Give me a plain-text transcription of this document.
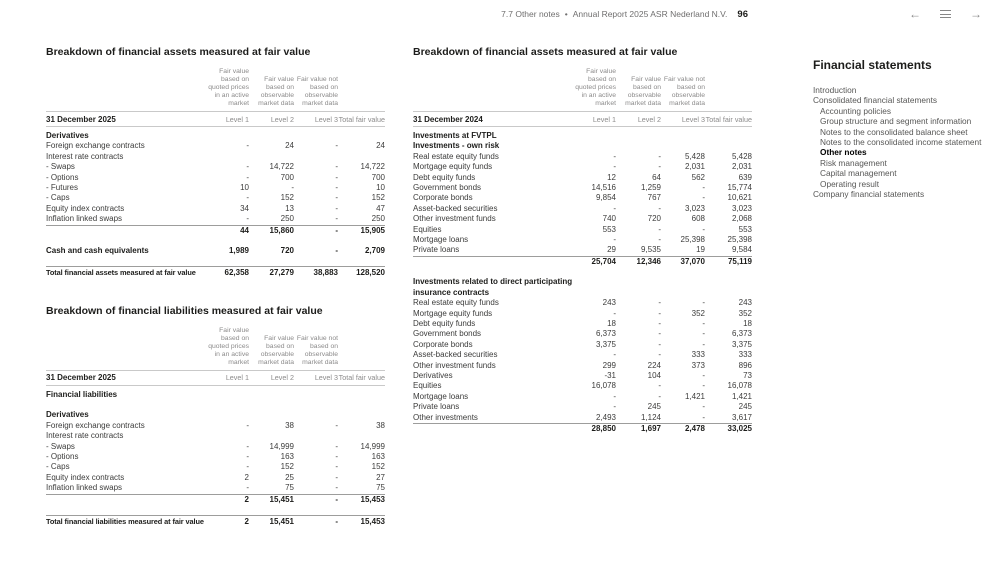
7.7 Other notes • Annual Report 2025 ASR Nederland N.V. 96	←	→
Breakdown of financial assets measured at fair value
Fair value based on quoted prices in an active market
Fair value based on observable market data
Fair value not based on observable market data
31 December 2025	Level 1	Level 2	Level 3 Total fair value
Derivatives
Foreign exchange contracts	-	24	-	24
Interest rate contracts
- Swaps	-	14,722	-	14,722
- Options	-	700	-	700
- Futures	10	-	-	10
- Caps	-	152	-	152
Equity index contracts	34	13	-	47
Inflation linked swaps	-	250	-	250
44	15,860	-	15,905
Cash and cash equivalents	1,989	720	-	2,709
Total financial assets measured at fair value	62,358	27,279	38,883	128,520
Breakdown of financial liabilities measured at fair value
Fair value based on quoted prices in an active market
Fair value based on observable market data
Fair value not based on observable market data
31 December 2025	Level 1	Level 2	Level 3 Total fair value
Financial liabilities
Derivatives
Foreign exchange contracts	-	38	-	38
Interest rate contracts
- Swaps	-	14,999	-	14,999
- Options	-	163	-	163
- Caps	-	152	-	152
Equity index contracts	2	25	-	27
Inflation linked swaps	-	75	-	75
2	15,451	-	15,453
Total financial liabilities measured at fair value	2	15,451	-	15,453
Breakdown of financial assets measured at fair value
Fair value based on quoted prices in an active market
Fair value based on observable market data
Fair value not based on observable market data
31 December 2024	Level 1	Level 2	Level 3 Total fair value
Investments at FVTPL
Investments - own risk
Real estate equity funds	-	-	5,428	5,428
Mortgage equity funds	-	-	2,031	2,031
Debt equity funds	12	64	562	639
Government bonds	14,516	1,259	-	15,774
Corporate bonds	9,854	767	-	10,621
Asset-backed securities	-	-	3,023	3,023
Other investment funds	740	720	608	2,068
Equities	553	-	-	553
Mortgage loans	-	-	25,398	25,398
Private loans	29	9,535	19	9,584
25,704	12,346	37,070	75,119
Investments related to direct participating insurance contracts
Real estate equity funds	243	-	-	243
Mortgage equity funds	-	-	352	352
Debt equity funds	18	-	-	18
Government bonds	6,373	-	-	6,373
Corporate bonds	3,375	-	-	3,375
Asset-backed securities	-	-	333	333
Other investment funds	299	224	373	896
Derivatives	-31	104	-	73
Equities	16,078	-	-	16,078
Mortgage loans	-	-	1,421	1,421
Private loans	-	245	-	245
Other investments	2,493	1,124	-	3,617
28,850	1,697	2,478	33,025
Financial statements
Introduction
Consolidated financial statements
Accounting policies
Group structure and segment information
Notes to the consolidated balance sheet
Notes to the consolidated income statement
Other notes
Risk management
Capital management
Operating result
Company financial statements
